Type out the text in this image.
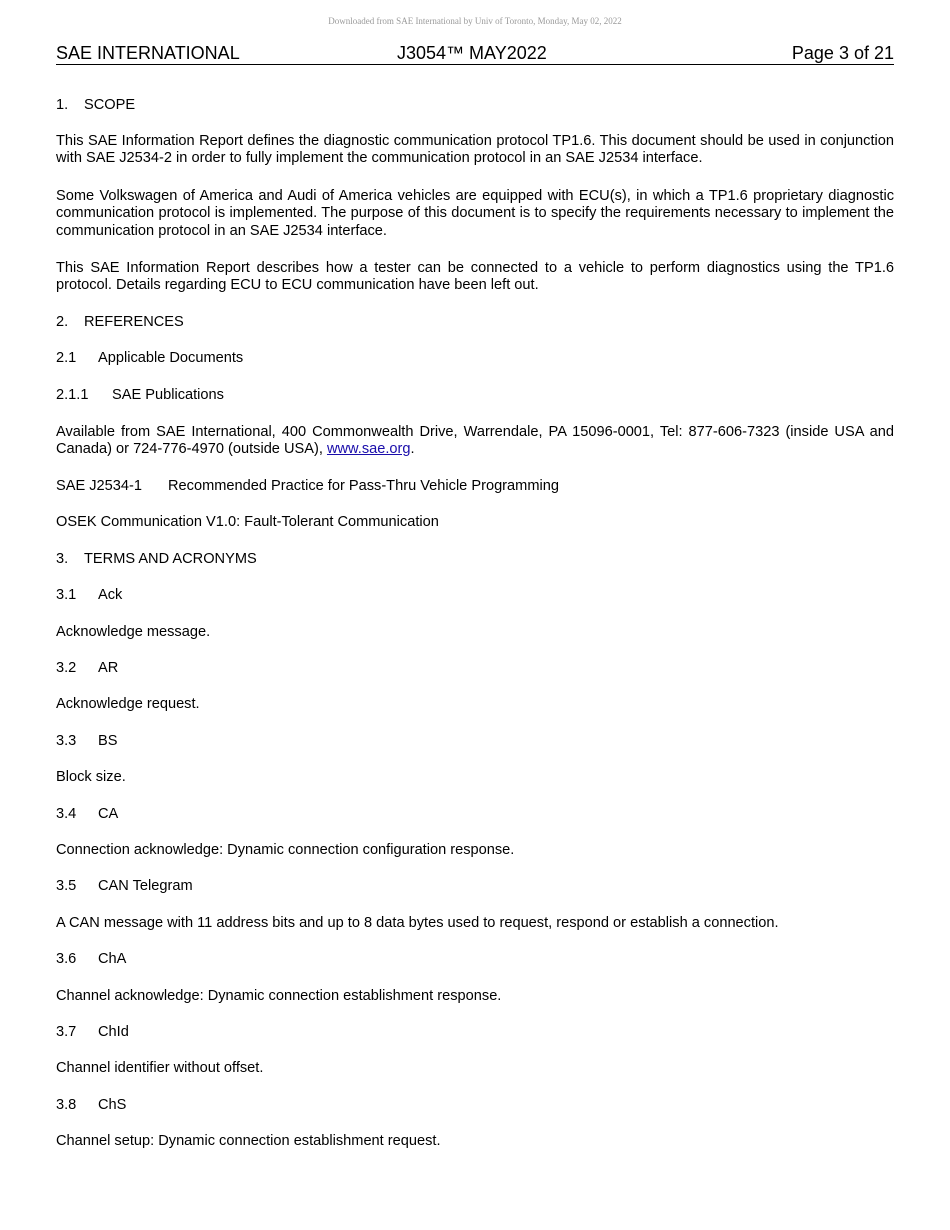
Downloaded from SAE International by Univ of Toronto, Monday, May 02, 2022
SAE INTERNATIONAL	J3054™ MAY2022	Page 3 of 21
1. SCOPE

This SAE Information Report defines the diagnostic communication protocol TP1.6. This document should be used in conjunction with SAE J2534-2 in order to fully implement the communication protocol in an SAE J2534 interface.

Some Volkswagen of America and Audi of America vehicles are equipped with ECU(s), in which a TP1.6 proprietary diagnostic communication protocol is implemented. The purpose of this document is to specify the requirements necessary to implement the communication protocol in an SAE J2534 interface.

This SAE Information Report describes how a tester can be connected to a vehicle to perform diagnostics using the TP1.6 protocol. Details regarding ECU to ECU communication have been left out.

2. REFERENCES
2.1 Applicable Documents
2.1.1 SAE Publications

Available from SAE International, 400 Commonwealth Drive, Warrendale, PA 15096-0001, Tel: 877-606-7323 (inside USA and Canada) or 724-776-4970 (outside USA), www.sae.org.

SAE J2534-1 Recommended Practice for Pass-Thru Vehicle Programming

OSEK Communication V1.0: Fault-Tolerant Communication

3. TERMS AND ACRONYMS
3.1 Ack

Acknowledge message.

3.2 AR

Acknowledge request.

3.3 BS

Block size.

3.4 CA

Connection acknowledge: Dynamic connection configuration response.

3.5 CAN Telegram

A CAN message with 11 address bits and up to 8 data bytes used to request, respond or establish a connection.

3.6 ChA

Channel acknowledge: Dynamic connection establishment response.

3.7 ChId

Channel identifier without offset.

3.8 ChS

Channel setup: Dynamic connection establishment request.
